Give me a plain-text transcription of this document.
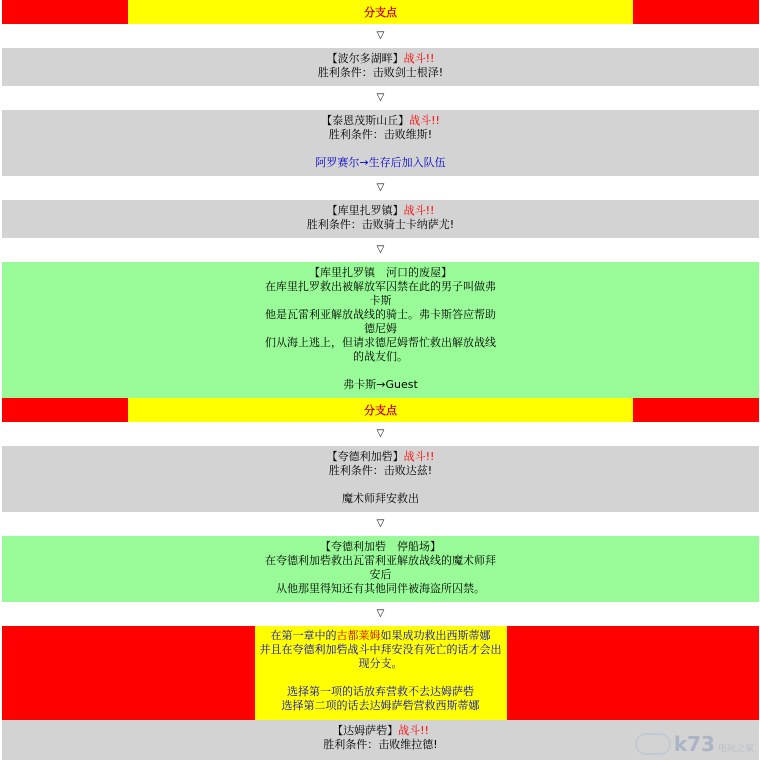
分支点
▽
【波尔多湖畔】战斗!!
胜利条件：击败剑士根泽!
▽
【泰恩茂斯山丘】战斗!!
胜利条件：击败维斯!
阿罗赛尔→生存后加入队伍
▽
【库里扎罗镇】战斗!!
胜利条件：击败骑士卡纳萨尤!
▽
【库里扎罗镇　河口的废屋】
在库里扎罗救出被解放军囚禁在此的男子叫做弗卡斯
他是瓦雷利亚解放战线的骑士。弗卡斯答应帮助德尼姆
们从海上逃上，但请求德尼姆帮忙救出解放战线的战友们。
弗卡斯→Guest
分支点
▽
【夸德利加砦】战斗!!
胜利条件：击败达兹!
魔术师拜安救出
▽
【夸德利加砦　停船场】
在夸德利加砦救出瓦雷利亚解放战线的魔术师拜安后
从他那里得知还有其他同伴被海盗所囚禁。
▽
在第一章中的古都莱姆如果成功救出西斯蒂娜
并且在夸德利加砦战斗中拜安没有死亡的话才会出现分支。
选择第一项的话放弃营救不去达姆萨砦
选择第二项的话去达姆萨砦营救西斯蒂娜
【达姆萨砦】战斗!!
胜利条件：击败维拉德!	k73 电玩之家
